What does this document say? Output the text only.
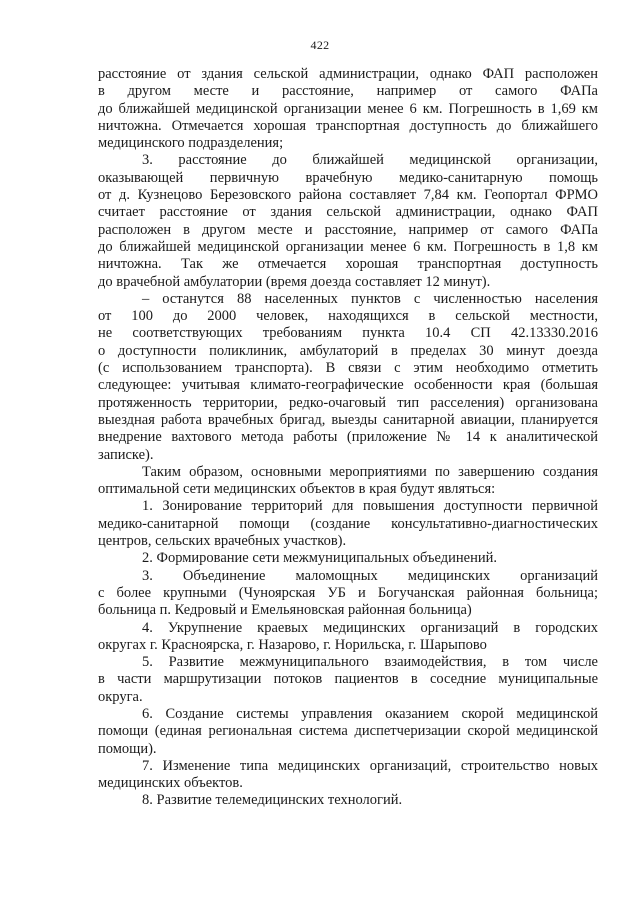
422
расстояние от здания сельской администрации, однако ФАП расположен
в другом месте и расстояние, например от самого ФАПа
до ближайшей медицинской организации менее 6 км. Погрешность в 1,69 км
ничтожна. Отмечается хорошая транспортная доступность до ближайшего
медицинского подразделения;
3. расстояние до ближайшей медицинской организации,
оказывающей первичную врачебную медико-санитарную помощь
от д. Кузнецово Березовского района составляет 7,84 км. Геопортал ФРМО
считает расстояние от здания сельской администрации, однако ФАП
расположен в другом месте и расстояние, например от самого ФАПа
до ближайшей медицинской организации менее 6 км. Погрешность в 1,8 км
ничтожна. Так же отмечается хорошая транспортная доступность
до врачебной амбулатории (время доезда составляет 12 минут).
– останутся 88 населенных пунктов с численностью населения
от 100 до 2000 человек, находящихся в сельской местности,
не соответствующих требованиям пункта 10.4 СП 42.13330.2016
о доступности поликлиник, амбулаторий в пределах 30 минут доезда
(с использованием транспорта). В связи с этим необходимо отметить
следующее: учитывая климато-географические особенности края (большая
протяженность территории, редко-очаговый тип расселения) организована
выездная работа врачебных бригад, выезды санитарной авиации, планируется
внедрение вахтового метода работы (приложение № 14 к аналитической
записке).
Таким образом, основными мероприятиями по завершению создания
оптимальной сети медицинских объектов в края будут являться:
1. Зонирование территорий для повышения доступности первичной
медико-санитарной помощи (создание консультативно-диагностических
центров, сельских врачебных участков).
2. Формирование сети межмуниципальных объединений.
3. Объединение маломощных медицинских организаций
с более крупными (Чуноярская УБ и Богучанская районная больница;
больница п. Кедровый и Емельяновская районная больница)
4. Укрупнение краевых медицинских организаций в городских
округах г. Красноярска, г. Назарово, г. Норильска, г. Шарыпово
5. Развитие межмуниципального взаимодействия, в том числе
в части маршрутизации потоков пациентов в соседние муниципальные
округа.
6. Создание системы управления оказанием скорой медицинской
помощи (единая региональная система диспетчеризации скорой медицинской
помощи).
7. Изменение типа медицинских организаций, строительство новых
медицинских объектов.
8. Развитие телемедицинских технологий.
